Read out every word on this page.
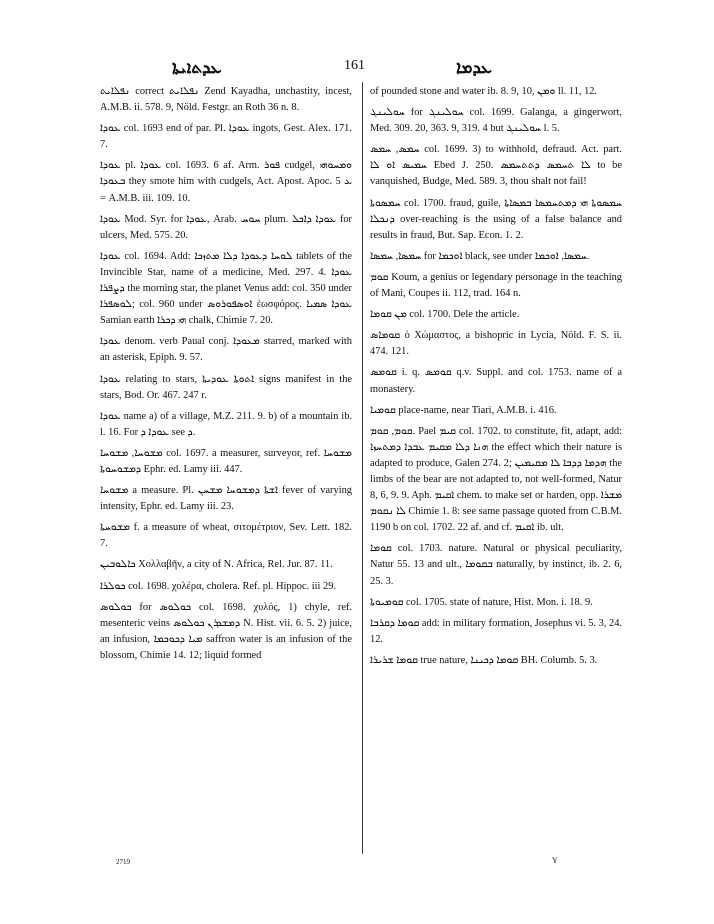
ܥܕܬܐܝܬܐ	161	ܥܕܡܐ

ܢܦܠܐܝܬ correct ܢܦܠܐܝܬ Zend Kayadha, unchastity, incest, A.M.B. ii. 578. 9, Nöld. Festgr. an Roth 36 n. 8.

ܥܘܕܐ col. 1693 end of par. Pl. ܥܘܕܐ ingots, Gest. Alex. 171. 7.

ܥܘܕܐ pl. ܥܘܕܐ col. 1693. 6 af. Arm. ܦܘܪ cudgel, ܘܡܚܘܗܝ ܒܥܘܕܐ they smote him with cudgels, Act. Apost. Apoc. ܥ 5 = A.M.B. iii. 109. 10.

ܥܘܕܐ Mod. Syr. for ܥܘܕܐ, Arab. ܚܘܚ plum. ܥܘܕܐ ܕܐܟܠ for ulcers, Med. 575. 20.

ܥܘܕܐ col. 1694. Add: ܠܘܚܐ ܕܥܘܕܐ ܕܠܐ ܡܬܙܟܐ tablets of the Invincible Star, name of a medicine, Med. 297. 4. ܥܘܕܐ ܕܨܦܪܐ the morning star, the planet Venus add: col. 350 under ܠܘܣܦܪܐ; col. 960 under ܐܘܣܦܘܪܘܣ ἑωσφόρος. ܥܘܕܐ ܣܡܝܐ Samian earth ܗܝ ܕܟܪܐ chalk, Chimie 7. 20.

ܥܘܕܐ denom. verb Paual conj. ܡܥܘܕܐ starred, marked with an asterisk, Epiph. 9. 57.

ܥܘܕܐ relating to stars, ܐܬܘܬܐ ܥܘܕܝܬܐ signs manifest in the stars, Bod. Or. 467. 247 r.

ܥܘܕܐ name a) of a village, M.Z. 211. 9. b) of a mountain ib. l. 16. For ܥܘܕܐ ܕ see ܕ.

ܡܫܘܚܐ, ܡܫܘܚܐ col. 1697. a measurer, surveyor, ref. ܡܫܘܚܐ ܕܡܫܘܚܘܬܐ Ephr. ed. Lamy iii. 447.

ܡܫܘܚܐ a measure. Pl. ܐܫܬܐ ܕܡܫܘܚܐ ܡܫܚܢ fever of varying intensity, Ephr. ed. Lamy iii. 23.

ܡܫܘܚܬܐ f. a measure of wheat, σιτομέτριον, Sev. Lett. 182. 7.

ܟܐܠܘܒܝܢ Χολλαβῆν, a city of N. Africa, Rel. Jur. 87. 11.

ܟܘܠܪܐ col. 1698. χολέρα, cholera. Ref. pl. Hippoc. iii 29.

ܟܘܠܘܣ for ܟܘܠܘܣ col. 1698. χυλός, 1) chyle, ref. mesenteric veins ܕܡܫܕܪܢ ܟܘܠܘܣ N. Hist. vii. 6. 5. 2) juice, an infusion, ܡܝܐ ܕܟܘܟܡܐ saffron water is an infusion of the blossom, Chimie 14. 12; liquid formed

of pounded stone and water ib. 8. 9, 10, ܘܡܢ ll. 11, 12.

ܚܘܠܝܢܓ for ܚܘܠܝܢܓ col. 1699. Galanga, a gingerwort, Med. 309. 20, 363. 9, 319. 4 but ܚܘܠܝܢܓ l. 5.

ܚܡܣ, ܚܡܣ col. 1699. 3) to withhold, defraud. Act. part. ܚܡܝܣ ܐܘ ܠܐ Ebed J. 250. ܠܐ ܬܚܡܣ ܕܬܬܚܡܣ to be vanquished, Budge, Med. 589. 3, thou shalt not fail!

ܚܡܣܘܬܐ col. 1700. fraud, guile, ܚܡܣܘܬܐ ܗܝ ܕܡܬܚܡܣܐ ܒܡܣܐܬܐ ܕܢܟܠܐ over-reaching is the using of a false balance and results in fraud, But. Sap. Econ. 1. 2.

ܚܡܣܐ, ܚܡܣܐ for ܐܘܟܡܐ black, see under ܚܡܣܐ, ܐܘܟܡܐ.

ܩܘܡ Koum, a genius or legendary personage in the teaching of Mani, Coupes ii. 112, trad. 164 n.

ܡܢ ܩܘܡܐ col. 1700. Dele the article.

ܩܘܡܐܣ ὁ Χώμαστος, a bishopric in Lycia, Nöld. F. S. ii. 474. 121.

ܩܘܡܣ i. q. ܩܘܡܣ q.v. Suppl. and col. 1753. name of a monastery.

ܩܘܡܝܐ place-name, near Tiari, A.M.B. i. 416.

ܩܘܡ, ܩܘܡ. Pael ܩܝܡ col. 1702. to constitute, fit, adapt, add: ܗܢܐ ܕܠܐ ܡܩܝܡ ܥܒܕܐ ܕܡܬܚܙܐ the effect which their nature is adapted to produce, Galen 274. 2; ܗܕܡܐ ܕܕܒܐ ܠܐ ܡܩܝܡܝܢ the limbs of the bear are not adapted to, not well-formed, Natur 8, 6, 9. 9. Aph. ܐܩܝܡ chem. to make set or harden, opp. ܡܫܪܐ ܠܐ ܢܩܘܡ Chimie 1. 8: see same passage quoted from C.B.M. 1190 b on col. 1702. 22 af. and cf. ܐܩܝܡ ib. ult.

ܩܘܡܐ col. 1703. nature. Natural or physical peculiarity, Natur 55. 13 and ult., ܒܩܘܡܐ naturally, by instinct, ib. 2. 6, 25. 3.

ܩܘܡܝܘܬܐ col. 1705. state of nature, Hist. Mon. i. 18. 9.

ܩܘܡܐ ܕܩܪܒܐ add: in military formation, Josephus vi. 5. 3, 24. 12.

ܩܘܡܐ ܫܪܝܪܐ true nature, ܩܘܡܐ ܕܟܝܢܐ BH. Columb. 5. 3.

2719	Y
